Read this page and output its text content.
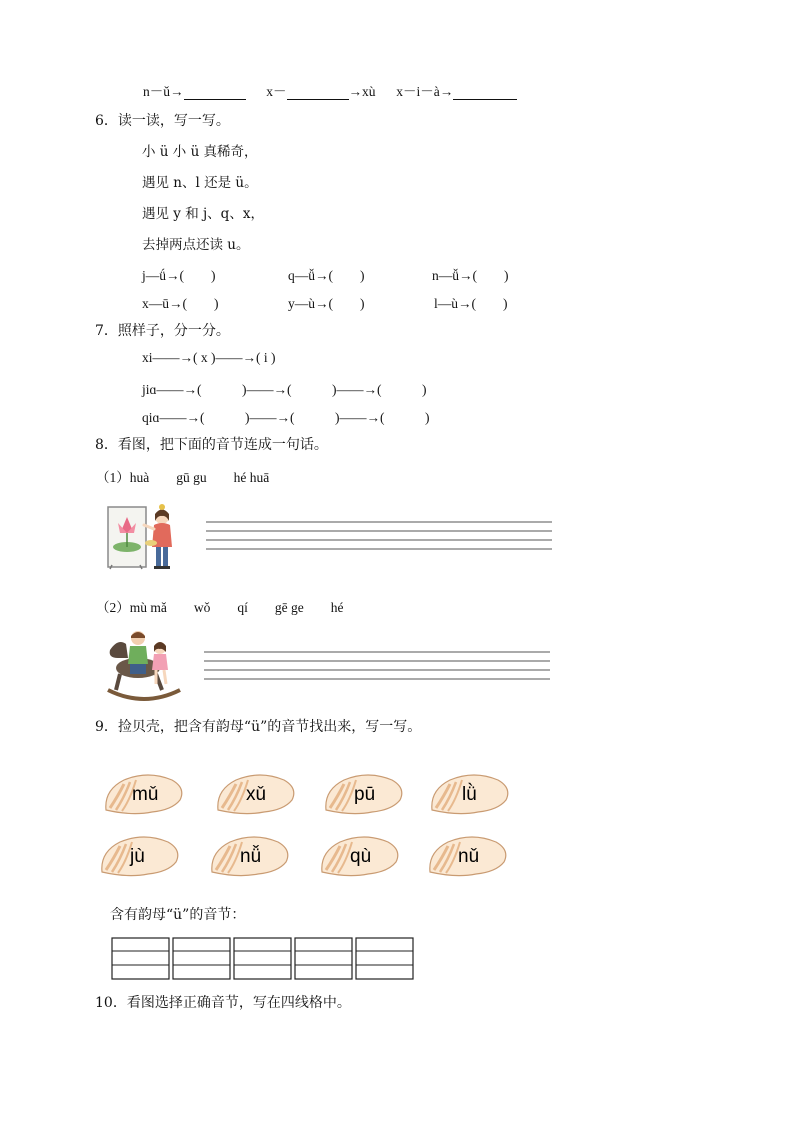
n－ǔ→	x－	→xù x－i－à→
6．读一读，写一写。
小 ü 小 ü 真稀奇，
遇见 n、l 还是 ü。
遇见 y 和 j、q、x，
去掉两点还读 u。
j—ǘ→(　　)	q—ǚ→(　　)	n—ǚ→(　　)
x—ū→(　　)	y—ù→(　　)	l—ù→(　　)
7．照样子，分一分。
xi——→( x )——→( i )
jiɑ——→(　　　)——→(　　　)——→(　　　)
qiɑ——→(　　　)——→(　　　)——→(　　　)
8．看图，把下面的音节连成一句话。
（1）huà　　gū gu　　hé huā
（2）mù mǎ　　wǒ　　qí　　gē ge　　hé
9．捡贝壳，把含有韵母“ü”的音节找出来，写一写。
mǔ	xǔ	pū	lǜ
jù	nǚ	qù	nǔ
含有韵母“ü”的音节：
10．看图选择正确音节，写在四线格中。
